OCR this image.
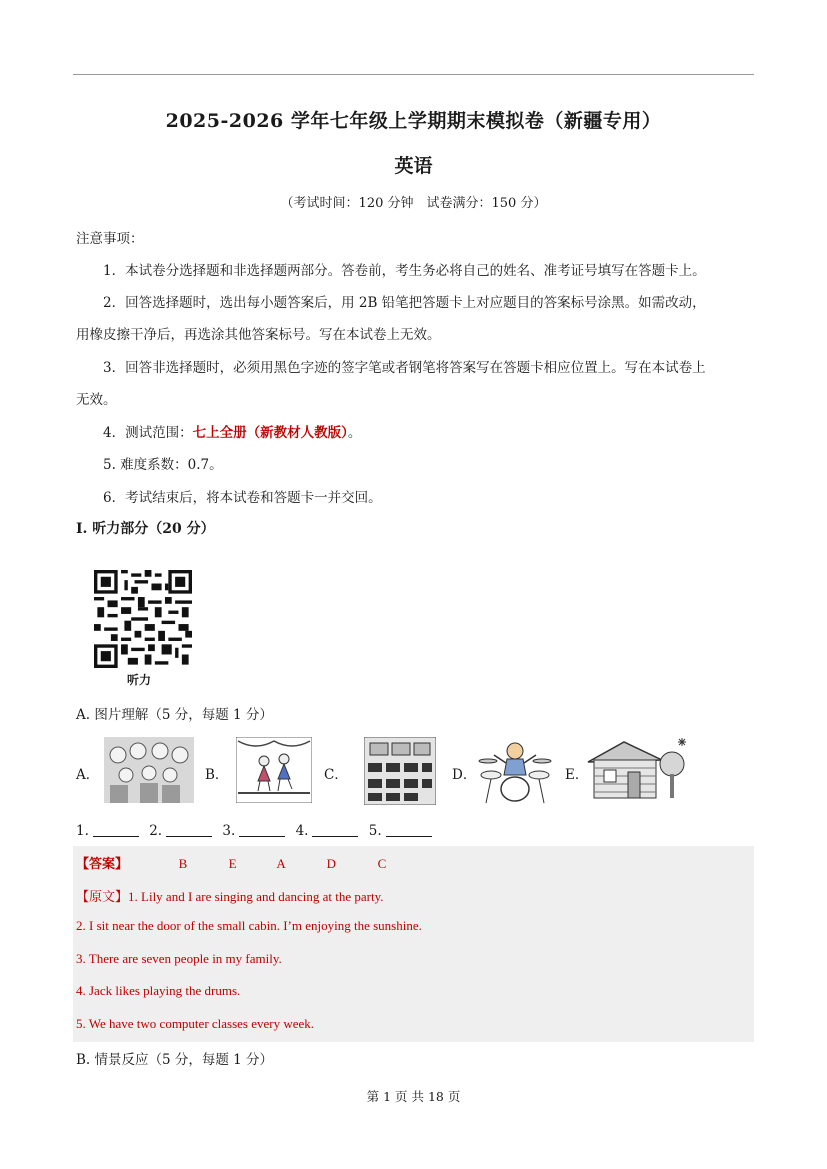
2025-2026 学年七年级上学期期末模拟卷（新疆专用）
英语
（考试时间：120 分钟　试卷满分：150 分）
注意事项：
1．本试卷分选择题和非选择题两部分。答卷前，考生务必将自己的姓名、准考证号填写在答题卡上。
2．回答选择题时，选出每小题答案后，用 2B 铅笔把答题卡上对应题目的答案标号涂黑。如需改动，
用橡皮擦干净后，再选涂其他答案标号。写在本试卷上无效。
3．回答非选择题时，必须用黑色字迹的签字笔或者钢笔将答案写在答题卡相应位置上。写在本试卷上
无效。
4．测试范围：七上全册（新教材人教版）。
5. 难度系数：0.7。
6．考试结束后，将本试卷和答题卡一并交回。
I. 听力部分（20 分）
听力
A. 图片理解（5 分，每题 1 分）
A．	B．	C．	D．	E．
1.	2.	3.	4.	5.
【答案】	B	E	A	D	C
【原文】1. Lily and I are singing and dancing at the party.
2. I sit near the door of the small cabin. I’m enjoying the sunshine.
3. There are seven people in my family.
4. Jack likes playing the drums.
5. We have two computer classes every week.
B. 情景反应（5 分，每题 1 分）
第 1 页 共 18 页
